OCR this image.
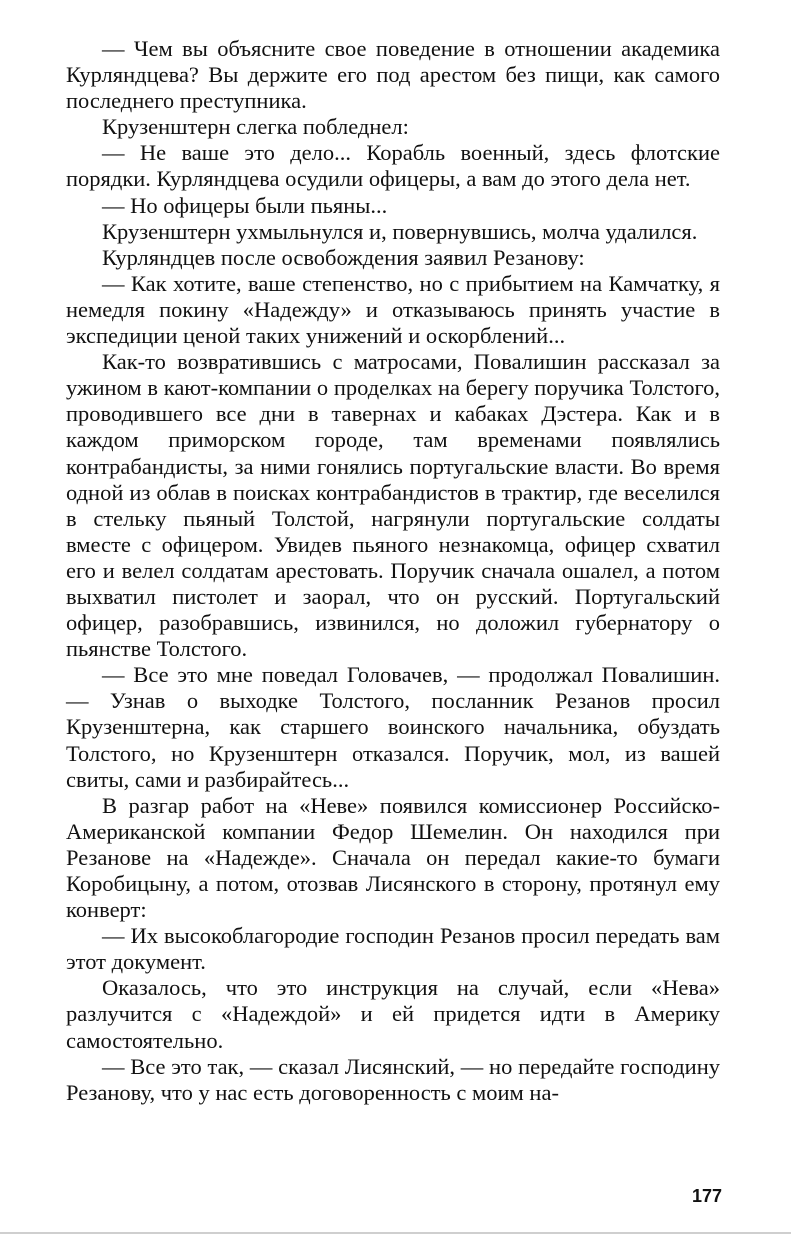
— Чем вы объясните свое поведение в отношении академика Курляндцева? Вы держите его под арестом без пищи, как самого последнего преступника.

Крузенштерн слегка побледнел:

— Не ваше это дело... Корабль военный, здесь флотские порядки. Курляндцева осудили офицеры, а вам до этого дела нет.

— Но офицеры были пьяны...

Крузенштерн ухмыльнулся и, повернувшись, молча удалился.

Курляндцев после освобождения заявил Резанову:

— Как хотите, ваше степенство, но с прибытием на Камчатку, я немедля покину «Надежду» и отказываюсь принять участие в экспедиции ценой таких унижений и оскорблений...

Как-то возвратившись с матросами, Повалишин рассказал за ужином в кают-компании о проделках на берегу поручика Толстого, проводившего все дни в тавернах и кабаках Дэстера. Как и в каждом приморском городе, там временами появлялись контрабандисты, за ними гонялись португальские власти. Во время одной из облав в поисках контрабандистов в трактир, где веселился в стельку пьяный Толстой, нагрянули португальские солдаты вместе с офицером. Увидев пьяного незнакомца, офицер схватил его и велел солдатам арестовать. Поручик сначала ошалел, а потом выхватил пистолет и заорал, что он русский. Португальский офицер, разобравшись, извинился, но доложил губернатору о пьянстве Толстого.

— Все это мне поведал Головачев, — продолжал Повалишин. — Узнав о выходке Толстого, посланник Резанов просил Крузенштерна, как старшего воинского начальника, обуздать Толстого, но Крузенштерн отказался. Поручик, мол, из вашей свиты, сами и разбирайтесь...

В разгар работ на «Неве» появился комиссионер Российско-Американской компании Федор Шемелин. Он находился при Резанове на «Надежде». Сначала он передал какие-то бумаги Коробицыну, а потом, отозвав Лисянского в сторону, протянул ему конверт:

— Их высокоблагородие господин Резанов просил передать вам этот документ.

Оказалось, что это инструкция на случай, если «Нева» разлучится с «Надеждой» и ей придется идти в Америку самостоятельно.

— Все это так, — сказал Лисянский, — но передайте господину Резанову, что у нас есть договоренность с моим на-

177
